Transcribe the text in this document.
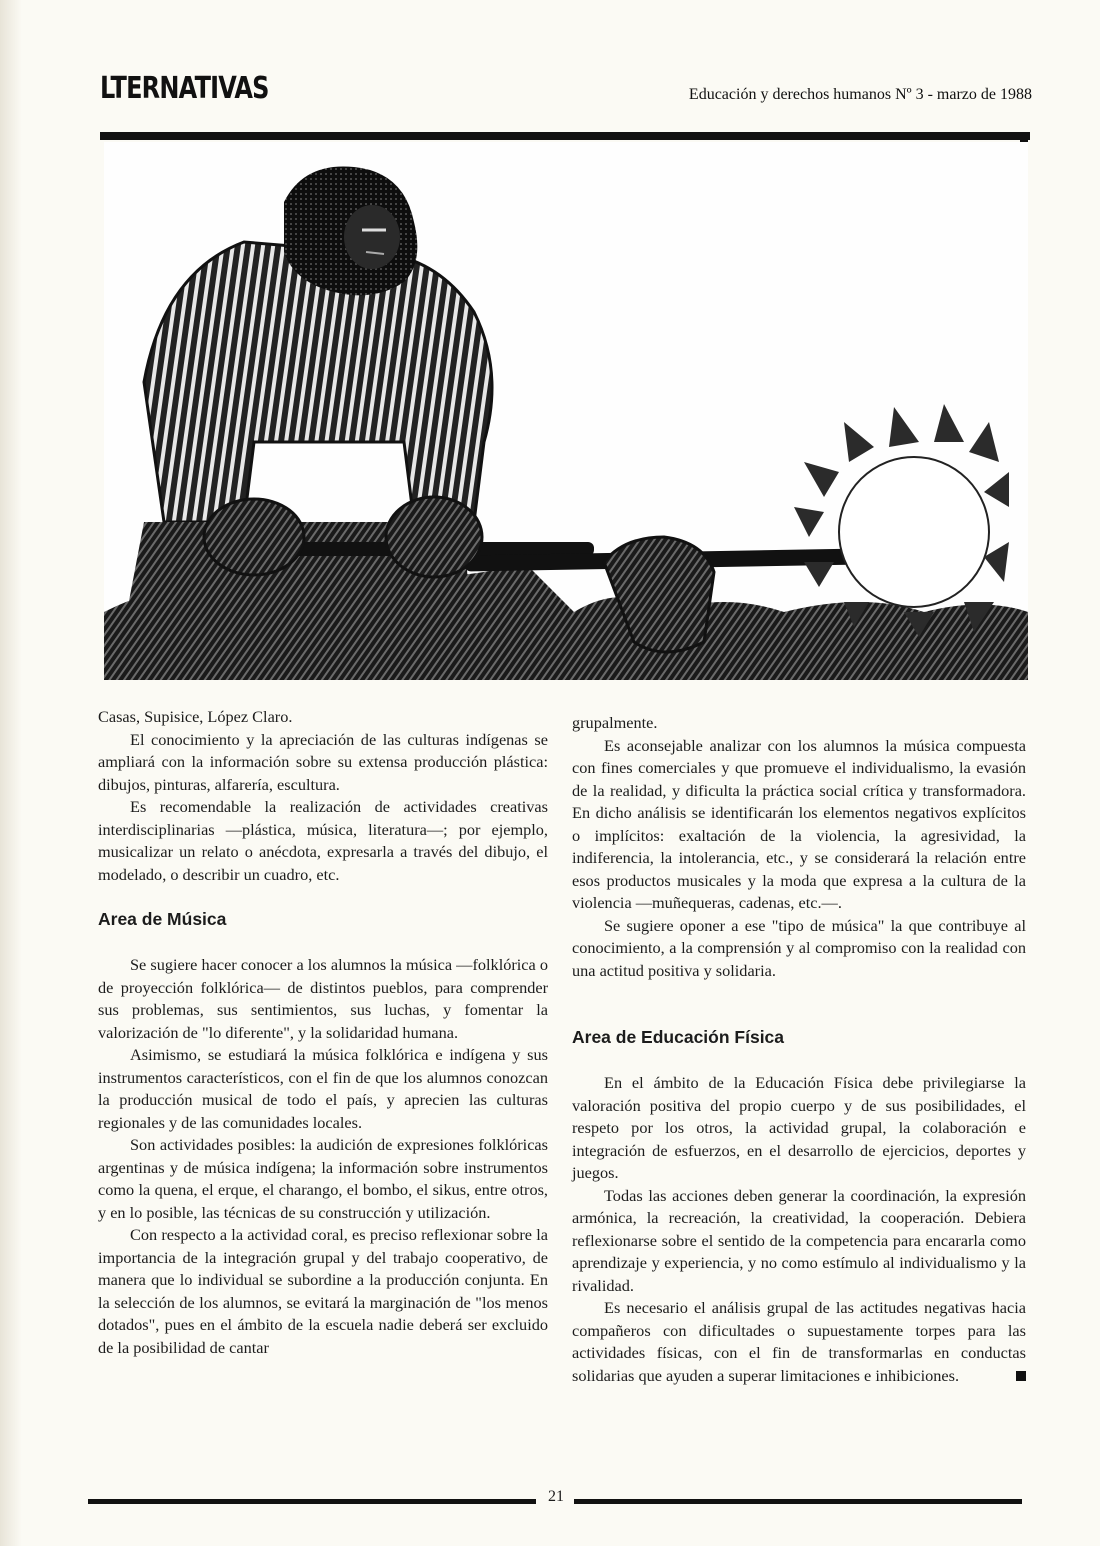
LTERNATIVAS	Educación y derechos humanos Nº 3 - marzo de 1988

Casas, Supisice, López Claro.

El conocimiento y la apreciación de las culturas indígenas se ampliará con la información sobre su extensa producción plástica: dibujos, pinturas, alfarería, escultura.

Es recomendable la realización de actividades creativas interdisciplinarias —plástica, música, literatura—; por ejemplo, musicalizar un relato o anécdota, expresarla a través del dibujo, el modelado, o describir un cuadro, etc.

Area de Música

Se sugiere hacer conocer a los alumnos la música —folklórica o de proyección folklórica— de distintos pueblos, para comprender sus problemas, sus sentimientos, sus luchas, y fomentar la valorización de "lo diferente", y la solidaridad humana.

Asimismo, se estudiará la música folklórica e indígena y sus instrumentos característicos, con el fin de que los alumnos conozcan la producción musical de todo el país, y aprecien las culturas regionales y de las comunidades locales.

Son actividades posibles: la audición de expresiones folklóricas argentinas y de música indígena; la información sobre instrumentos como la quena, el erque, el charango, el bombo, el sikus, entre otros, y en lo posible, las técnicas de su construcción y utilización.

Con respecto a la actividad coral, es preciso reflexionar sobre la importancia de la integración grupal y del trabajo cooperativo, de manera que lo individual se subordine a la producción conjunta. En la selección de los alumnos, se evitará la marginación de "los menos dotados", pues en el ámbito de la escuela nadie deberá ser excluido de la posibilidad de cantar

grupalmente.

Es aconsejable analizar con los alumnos la música compuesta con fines comerciales y que promueve el individualismo, la evasión de la realidad, y dificulta la práctica social crítica y transformadora. En dicho análisis se identificarán los elementos negativos explícitos o implícitos: exaltación de la violencia, la agresividad, la indiferencia, la intolerancia, etc., y se considerará la relación entre esos productos musicales y la moda que expresa a la cultura de la violencia —muñequeras, cadenas, etc.—.

Se sugiere oponer a ese "tipo de música" la que contribuye al conocimiento, a la comprensión y al compromiso con la realidad con una actitud positiva y solidaria.

Area de Educación Física

En el ámbito de la Educación Física debe privilegiarse la valoración positiva del propio cuerpo y de sus posibilidades, el respeto por los otros, la actividad grupal, la colaboración e integración de esfuerzos, en el desarrollo de ejercicios, deportes y juegos.

Todas las acciones deben generar la coordinación, la expresión armónica, la recreación, la creatividad, la cooperación. Debiera reflexionarse sobre el sentido de la competencia para encararla como aprendizaje y experiencia, y no como estímulo al individualismo y la rivalidad.

Es necesario el análisis grupal de las actitudes negativas hacia compañeros con dificultades o supuestamente torpes para las actividades físicas, con el fin de transformarlas en conductas solidarias que ayuden a superar limitaciones e inhibiciones.

21
